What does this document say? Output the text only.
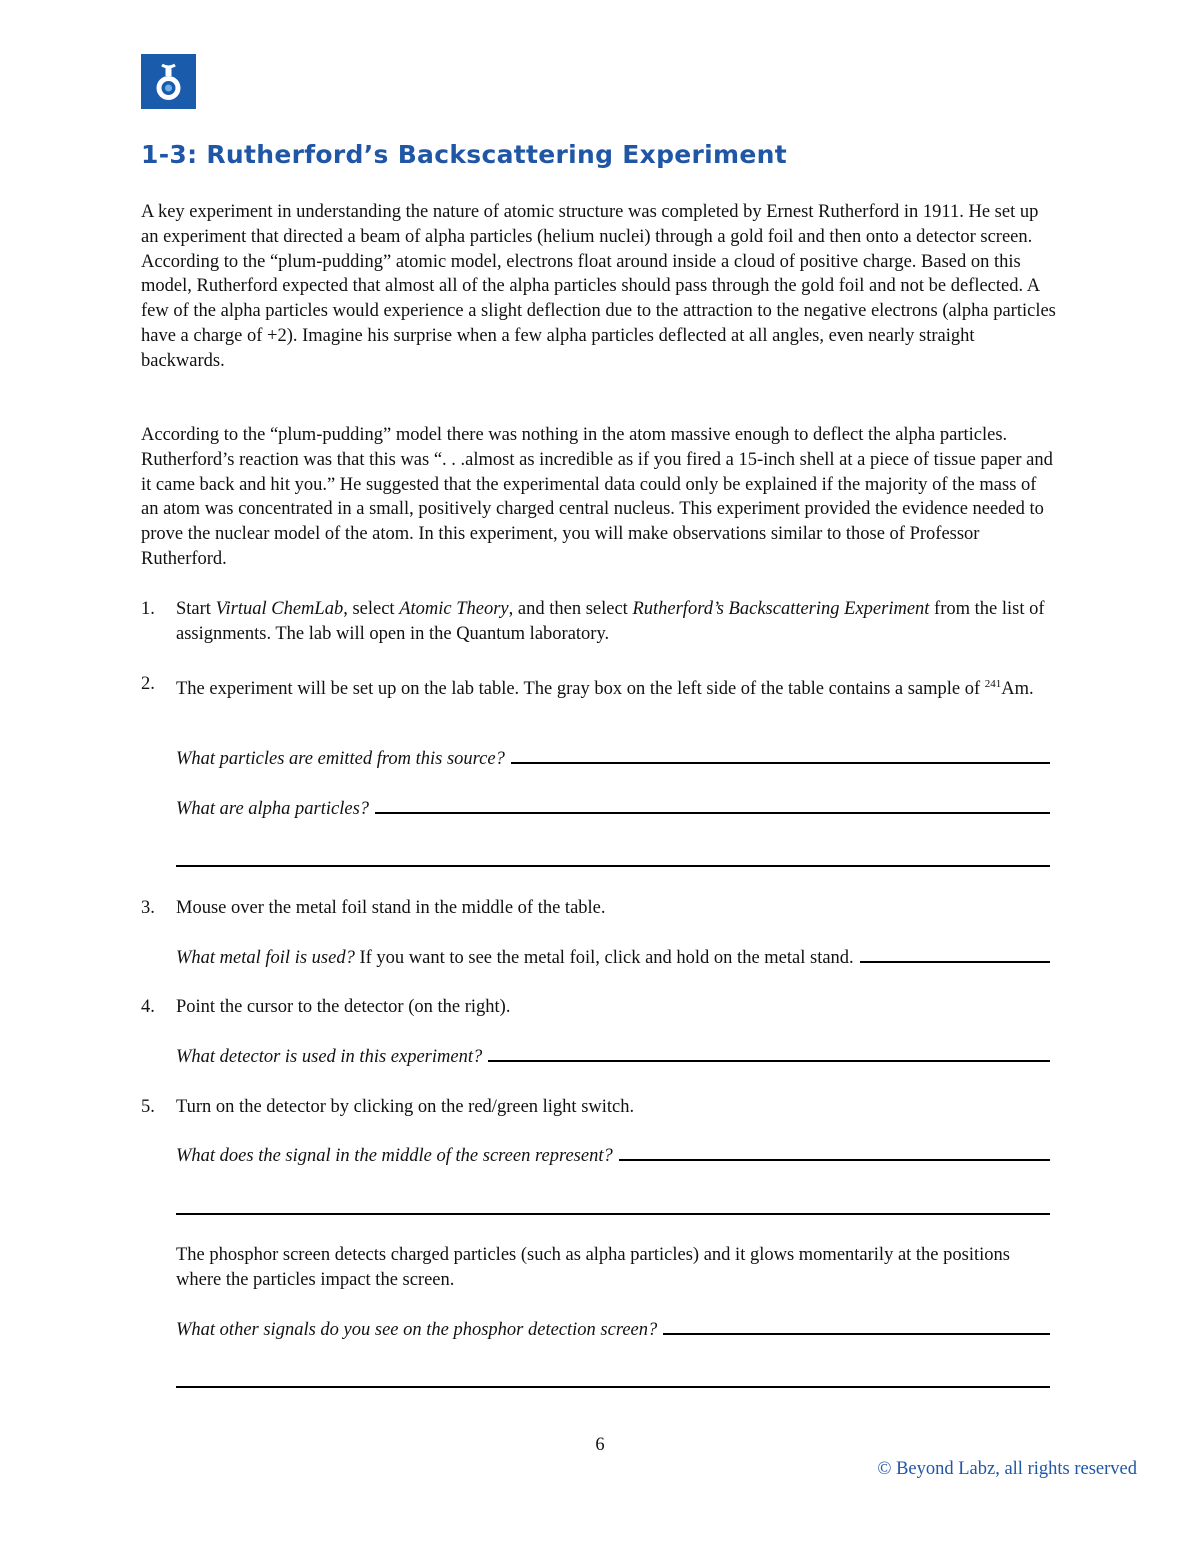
1-3: Rutherford’s Backscattering Experiment

A key experiment in understanding the nature of atomic structure was completed by Ernest Rutherford in 1911. He set up an experiment that directed a beam of alpha particles (helium nuclei) through a gold foil and then onto a detector screen. According to the “plum-pudding” atomic model, electrons float around inside a cloud of positive charge. Based on this model, Rutherford expected that almost all of the alpha particles should pass through the gold foil and not be deflected. A few of the alpha particles would experience a slight deflection due to the attraction to the negative electrons (alpha particles have a charge of +2). Imagine his surprise when a few alpha particles deflected at all angles, even nearly straight backwards.

According to the “plum-pudding” model there was nothing in the atom massive enough to deflect the alpha particles. Rutherford’s reaction was that this was “. . .almost as incredible as if you fired a 15-inch shell at a piece of tissue paper and it came back and hit you.” He suggested that the experimental data could only be explained if the majority of the mass of an atom was concentrated in a small, positively charged central nucleus. This experiment provided the evidence needed to prove the nuclear model of the atom. In this experiment, you will make observations similar to those of Professor Rutherford.

1. Start Virtual ChemLab, select Atomic Theory, and then select Rutherford’s Backscattering Experiment from the list of assignments. The lab will open in the Quantum laboratory.
2. The experiment will be set up on the lab table. The gray box on the left side of the table contains a sample of $^{241}$Am.
What particles are emitted from this source?
What are alpha particles?
3. Mouse over the metal foil stand in the middle of the table.
What metal foil is used? If you want to see the metal foil, click and hold on the metal stand.
4. Point the cursor to the detector (on the right).
What detector is used in this experiment?
5. Turn on the detector by clicking on the red/green light switch.
What does the signal in the middle of the screen represent?

The phosphor screen detects charged particles (such as alpha particles) and it glows momentarily at the positions where the particles impact the screen.

What other signals do you see on the phosphor detection screen?
6
© Beyond Labz, all rights reserved
